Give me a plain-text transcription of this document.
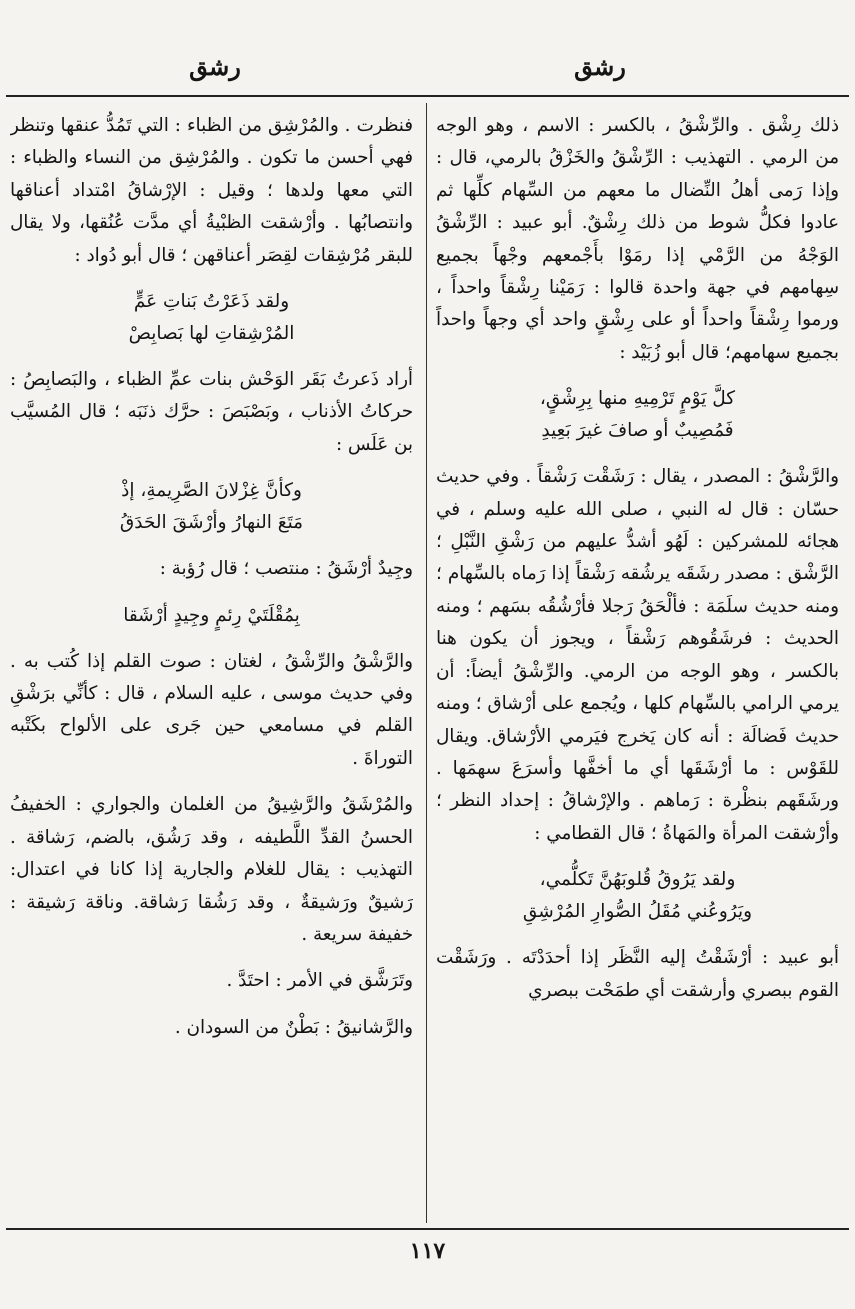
رشق
رشق

ذلك رِشْق . والرِّشْقُ ، بالكسر : الاسم ، وهو الوجه من الرمي . التهذيب : الرِّشْقُ والخَزْقُ بالرمي، قال : وإذا رَمى أهلُ النِّضال ما معهم من السِّهام كلِّها ثم عادوا فكلُّ شوط من ذلك رِشْقٌ. أبو عبيد : الرِّشْقُ الوَجْهُ من الرَّمْي إذا رمَوْا بأَجْمعهم وجْهاً بجميع سِهامهم في جهة واحدة قالوا : رَمَيْنا رِشْقاً واحداً ، ورموا رِشْقاً واحداً أو على رِشْقٍ واحد أي وجهاً واحداً بجميع سهامهم؛ قال أبو زُبَيْد :

كلَّ يَوْمٍ تَرْمِيهِ منها بِرِشْقٍ،
فَمُصِيبٌ أو صافَ غيرَ بَعِيدِ

والرَّشْقُ : المصدر ، يقال : رَشَقْت رَشْقاً . وفي حديث حسّان : قال له النبي ، صلى الله عليه وسلم ، في هجائه للمشركين : لَهُو أشدُّ عليهم من رَشْقِ النَّبْلِ ؛ الرَّشْق : مصدر رشَقَه يرشُقه رَشْقاً إذا رَماه بالسِّهام ؛ ومنه حديث سلَمَة : فألْحَقُ رَجلا فأرْشُقُه بسَهم ؛ ومنه الحديث : فرشَقُوهم رَشْقاً ، ويجوز أن يكون هنا بالكسر ، وهو الوجه من الرمي. والرِّشْقُ أيضاً: أن يرمي الرامي بالسِّهام كلها ، ويُجمع على أرْشاق ؛ ومنه حديث فَضالَة : أنه كان يَخرج فيَرمي الأرْشاق. ويقال للقَوْس : ما أرْشَقَها أي ما أخفَّها وأسرَعَ سهمَها . ورشَقَهم بنظْرة : رَماهم . والإرْشاقُ : إحداد النظر ؛ وأرْشقت المرأة والمَهاةُ ؛ قال القطامي :

ولقد يَرُوقُ قُلوبَهُنَّ تَكلُّمي،
ويَرُوعُني مُقَلُ الصُّوارِ المُرْشِقِ

أبو عبيد : أرْشَقْتُ إليه النَّظَر إذا أحدَدْتَه . ورَشَقْت القوم ببصري وأرشقت أي طمَحْت ببصري

فنظرت . والمُرْشِق من الظباء : التي تَمُدُّ عنقها وتنظر فهي أحسن ما تكون . والمُرْشِق من النساء والظباء : التي معها ولدها ؛ وقيل : الإرْشاقُ امْتداد أعناقها وانتصابُها . وأرْشقت الظبْيةُ أي مدَّت عُنُقها، ولا يقال للبقر مُرْشِقات لقِصَر أعناقهن ؛ قال أبو دُواد :

ولقد ذَعَرْتُ بَناتِ عَمٍّ
المُرْشِقاتِ لها بَصابِصْ

أراد ذَعرتُ بَقَر الوَحْش بنات عمِّ الظباء ، والبَصابِصُ : حركاتُ الأذناب ، وبَصْبَصَ : حرَّك ذنَبَه ؛ قال المُسيَّب بن عَلَس :

وكأنَّ غِزْلانَ الصَّرِيمةِ، إذْ
مَتَعَ النهارُ وأرْشَقَ الحَدَقُ

وجِيدٌ أرْشَقُ : منتصب ؛ قال رُؤبة :

بِمُقْلَتَيْ رِئمٍ وجِيدٍ أرْشَقا

والرَّشْقُ والرِّشْقُ ، لغتان : صوت القلم إذا كُتب به . وفي حديث موسى ، عليه السلام ، قال : كأنِّي برَشْقِ القلم في مسامعي حين جَرى على الألواح بكَتْبه التوراةَ .

والمُرْشَقُ والرَّشِيقُ من الغلمان والجواري : الخفيفُ الحسنُ القدِّ اللَّطيفه ، وقد رَشُق، بالضم، رَشاقة . التهذيب : يقال للغلام والجارية إذا كانا في اعتدال: رَشيقٌ ورَشيقةٌ ، وقد رَشُقا رَشاقة. وناقة رَشيقة : خفيفة سريعة .

وتَرَشَّق في الأمر : احتَدَّ .

والرَّشانيقُ : بَطْنٌ من السودان .

١١٧
